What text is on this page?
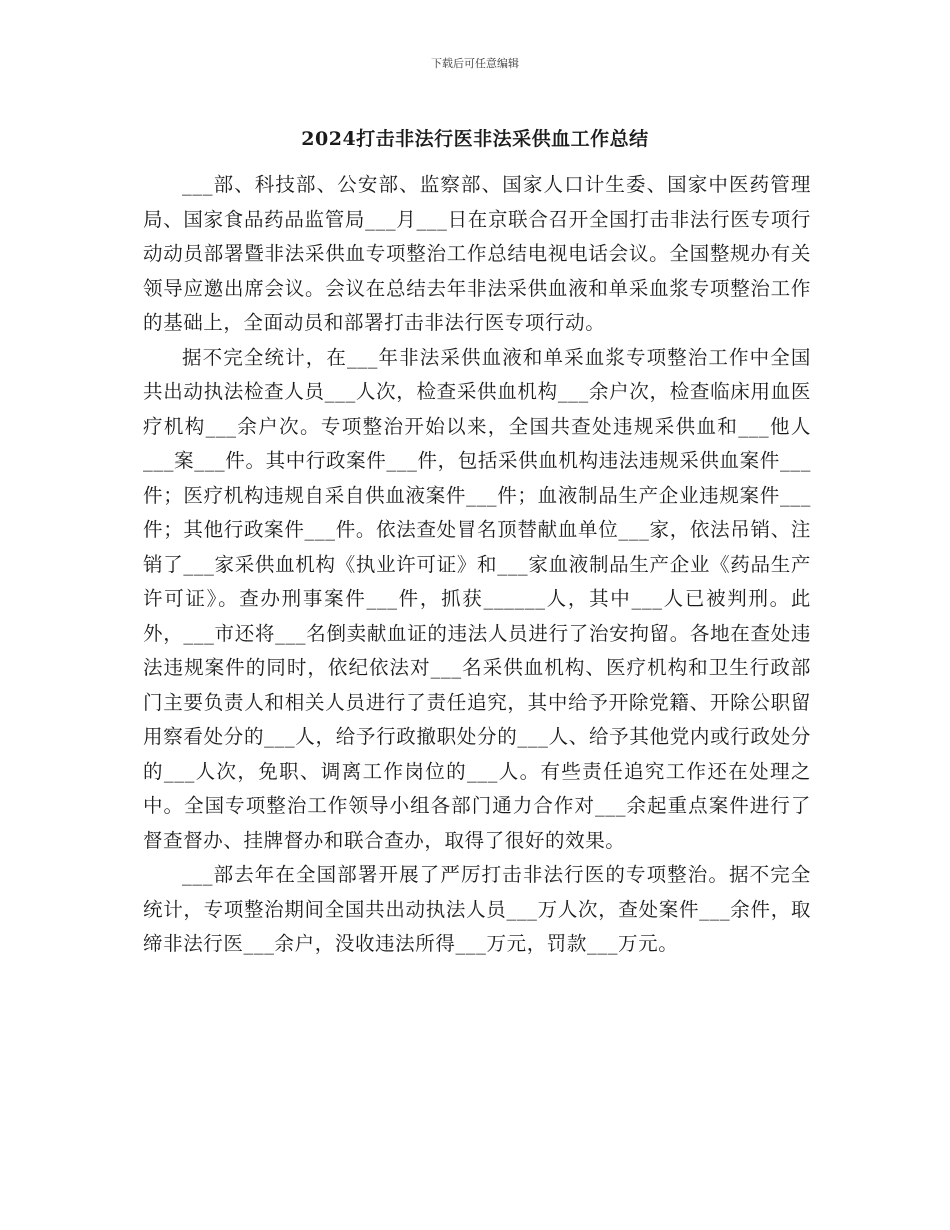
下载后可任意编辑
2024打击非法行医非法采供血工作总结

___部、科技部、公安部、监察部、国家人口计生委、国家中医药管理局、国家食品药品监管局___月___日在京联合召开全国打击非法行医专项行动动员部署暨非法采供血专项整治工作总结电视电话会议。全国整规办有关领导应邀出席会议。会议在总结去年非法采供血液和单采血浆专项整治工作的基础上，全面动员和部署打击非法行医专项行动。

据不完全统计，在___年非法采供血液和单采血浆专项整治工作中全国共出动执法检查人员___人次，检查采供血机构___余户次，检查临床用血医疗机构___余户次。专项整治开始以来，全国共查处违规采供血和___他人___案___件。其中行政案件___件，包括采供血机构违法违规采供血案件___件；医疗机构违规自采自供血液案件___件；血液制品生产企业违规案件___件；其他行政案件___件。依法查处冒名顶替献血单位___家，依法吊销、注销了___家采供血机构《执业许可证》和___家血液制品生产企业《药品生产许可证》。查办刑事案件___件，抓获______人，其中___人已被判刑。此外，___市还将___名倒卖献血证的违法人员进行了治安拘留。各地在查处违法违规案件的同时，依纪依法对___名采供血机构、医疗机构和卫生行政部门主要负责人和相关人员进行了责任追究，其中给予开除党籍、开除公职留用察看处分的___人，给予行政撤职处分的___人、给予其他党内或行政处分的___人次，免职、调离工作岗位的___人。有些责任追究工作还在处理之中。全国专项整治工作领导小组各部门通力合作对___余起重点案件进行了督查督办、挂牌督办和联合查办，取得了很好的效果。

___部去年在全国部署开展了严厉打击非法行医的专项整治。据不完全统计，专项整治期间全国共出动执法人员___万人次，查处案件___余件，取缔非法行医___余户，没收违法所得___万元，罚款___万元。
